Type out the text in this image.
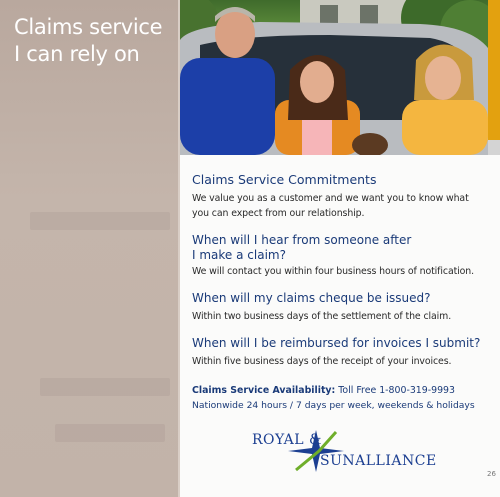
Claims service
I can rely on
Claims Service Commitments

We value you as a customer and we want you to know what you can expect from our relationship.

When will I hear from someone after
I make a claim?

We will contact you within four business hours of notification.

When will my claims cheque be issued?

Within two business days of the settlement of the claim.

When will I be reimbursed for invoices I submit?

Within five business days of the receipt of your invoices.

Claims Service Availability: Toll Free 1-800-319-9993
Nationwide 24 hours / 7 days per week, weekends & holidays
ROYAL &
SUNALLIANCE
26
